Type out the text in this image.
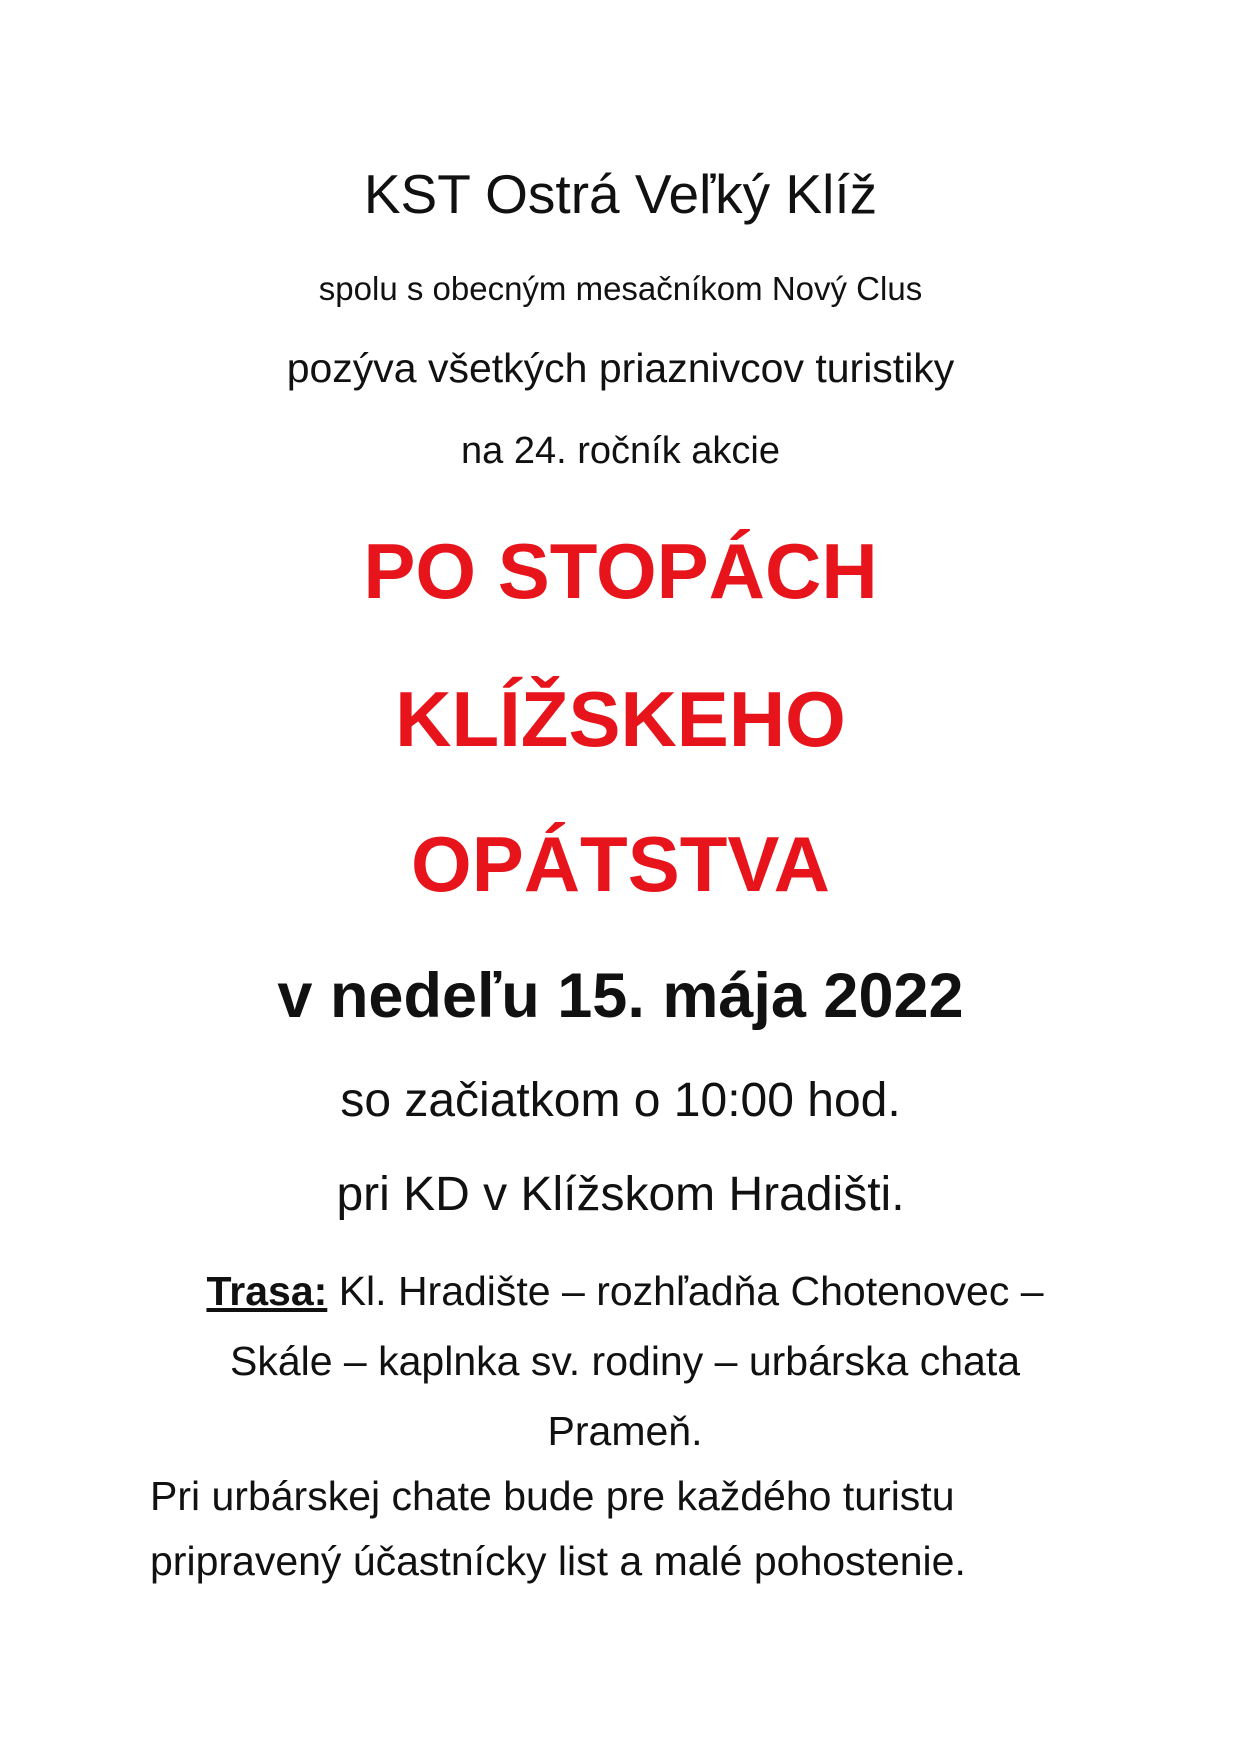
KST Ostrá Veľký Klíž
spolu s obecným mesačníkom Nový Clus
pozýva všetkých priaznivcov turistiky
na 24. ročník akcie
PO STOPÁCH
KLÍŽSKEHO
OPÁTSTVA
v nedeľu 15. mája 2022
so začiatkom o 10:00 hod.
pri KD v Klížskom Hradišti.
Trasa: Kl. Hradište – rozhľadňa Chotenovec – Skále – kaplnka sv. rodiny – urbárska chata Prameň.
Pri urbárskej chate bude pre každého turistu
pripravený účastnícky list a malé pohostenie.
